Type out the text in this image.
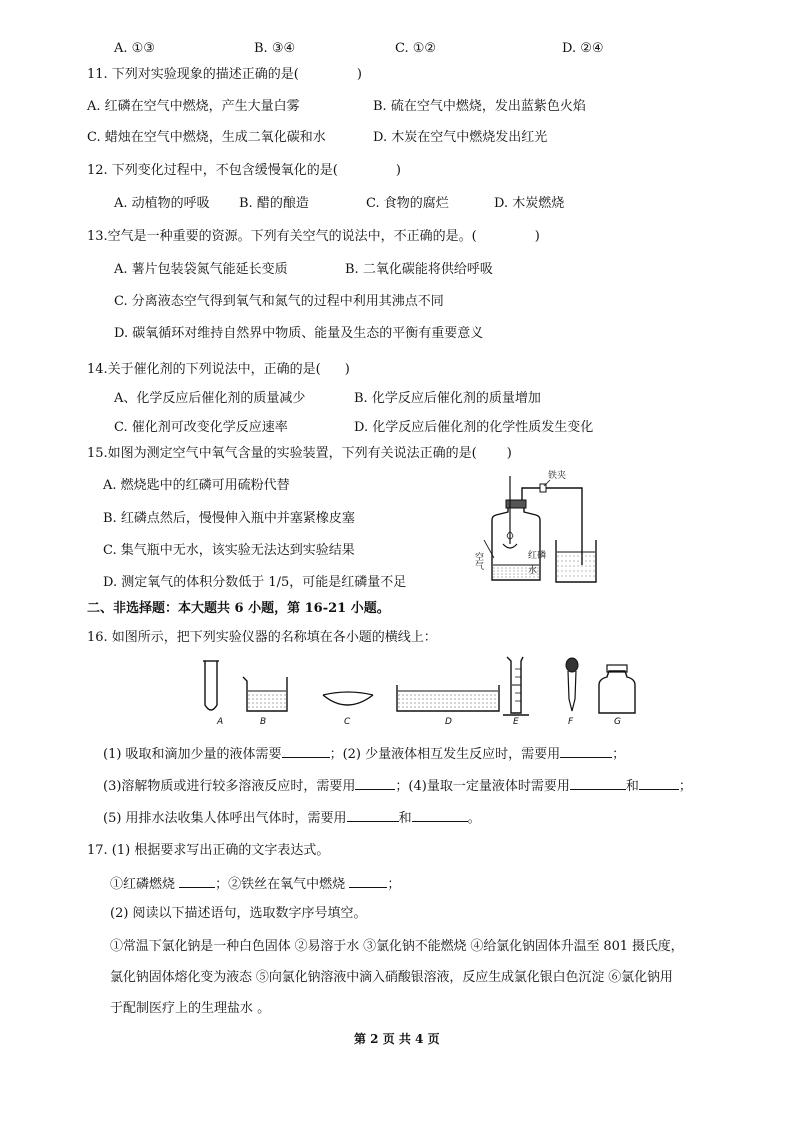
A. ①③	B. ③④	C. ①②	D. ②④
11. 下列对实验现象的描述正确的是(	)
A. 红磷在空气中燃烧，产生大量白雾	B. 硫在空气中燃烧，发出蓝紫色火焰
C. 蜡烛在空气中燃烧，生成二氧化碳和水	D. 木炭在空气中燃烧发出红光
12. 下列变化过程中，不包含缓慢氧化的是(	)
A. 动植物的呼吸 B. 醋的酿造	C. 食物的腐烂	D. 木炭燃烧
13.空气是一种重要的资源。下列有关空气的说法中，不正确的是。(	)
A. 薯片包装袋氮气能延长变质	B. 二氧化碳能将供给呼吸
C. 分离液态空气得到氧气和氮气的过程中利用其沸点不同
D. 碳氧循环对维持自然界中物质、能量及生态的平衡有重要意义
14.关于催化剂的下列说法中，正确的是( )
A、化学反应后催化剂的质量减少	B. 化学反应后催化剂的质量增加
C. 催化剂可改变化学反应速率	D. 化学反应后催化剂的化学性质发生变化
15.如图为测定空气中氧气含量的实验装置，下列有关说法正确的是( )
A. 燃烧匙中的红磷可用硫粉代替
B. 红磷点然后，慢慢伸入瓶中并塞紧橡皮塞
C. 集气瓶中无水，该实验无法达到实验结果
D. 测定氧气的体积分数低于 1/5，可能是红磷量不足
铁夹
红磷
水
空气
二、非选择题：本大题共 6 小题，第 16-21 小题。
16. 如图所示，把下列实验仪器的名称填在各小题的横线上：
A	B	C	D	E	F	G
(1) 吸取和滴加少量的液体需要	；(2) 少量液体相互发生反应时，需要用	；
(3)溶解物质或进行较多溶液反应时，需要用	；(4)量取一定量液体时需要用	和	；
(5) 用排水法收集人体呼出气体时，需要用	和	。
17. (1) 根据要求写出正确的文字表达式。
①红磷燃烧	；②铁丝在氧气中燃烧	；
(2) 阅读以下描述语句，选取数字序号填空。
①常温下氯化钠是一种白色固体 ②易溶于水 ③氯化钠不能燃烧 ④给氯化钠固体升温至 801 摄氏度，
氯化钠固体熔化变为液态 ⑤向氯化钠溶液中滴入硝酸银溶液，反应生成氯化银白色沉淀 ⑥氯化钠用
于配制医疗上的生理盐水 。
第 2 页 共 4 页
